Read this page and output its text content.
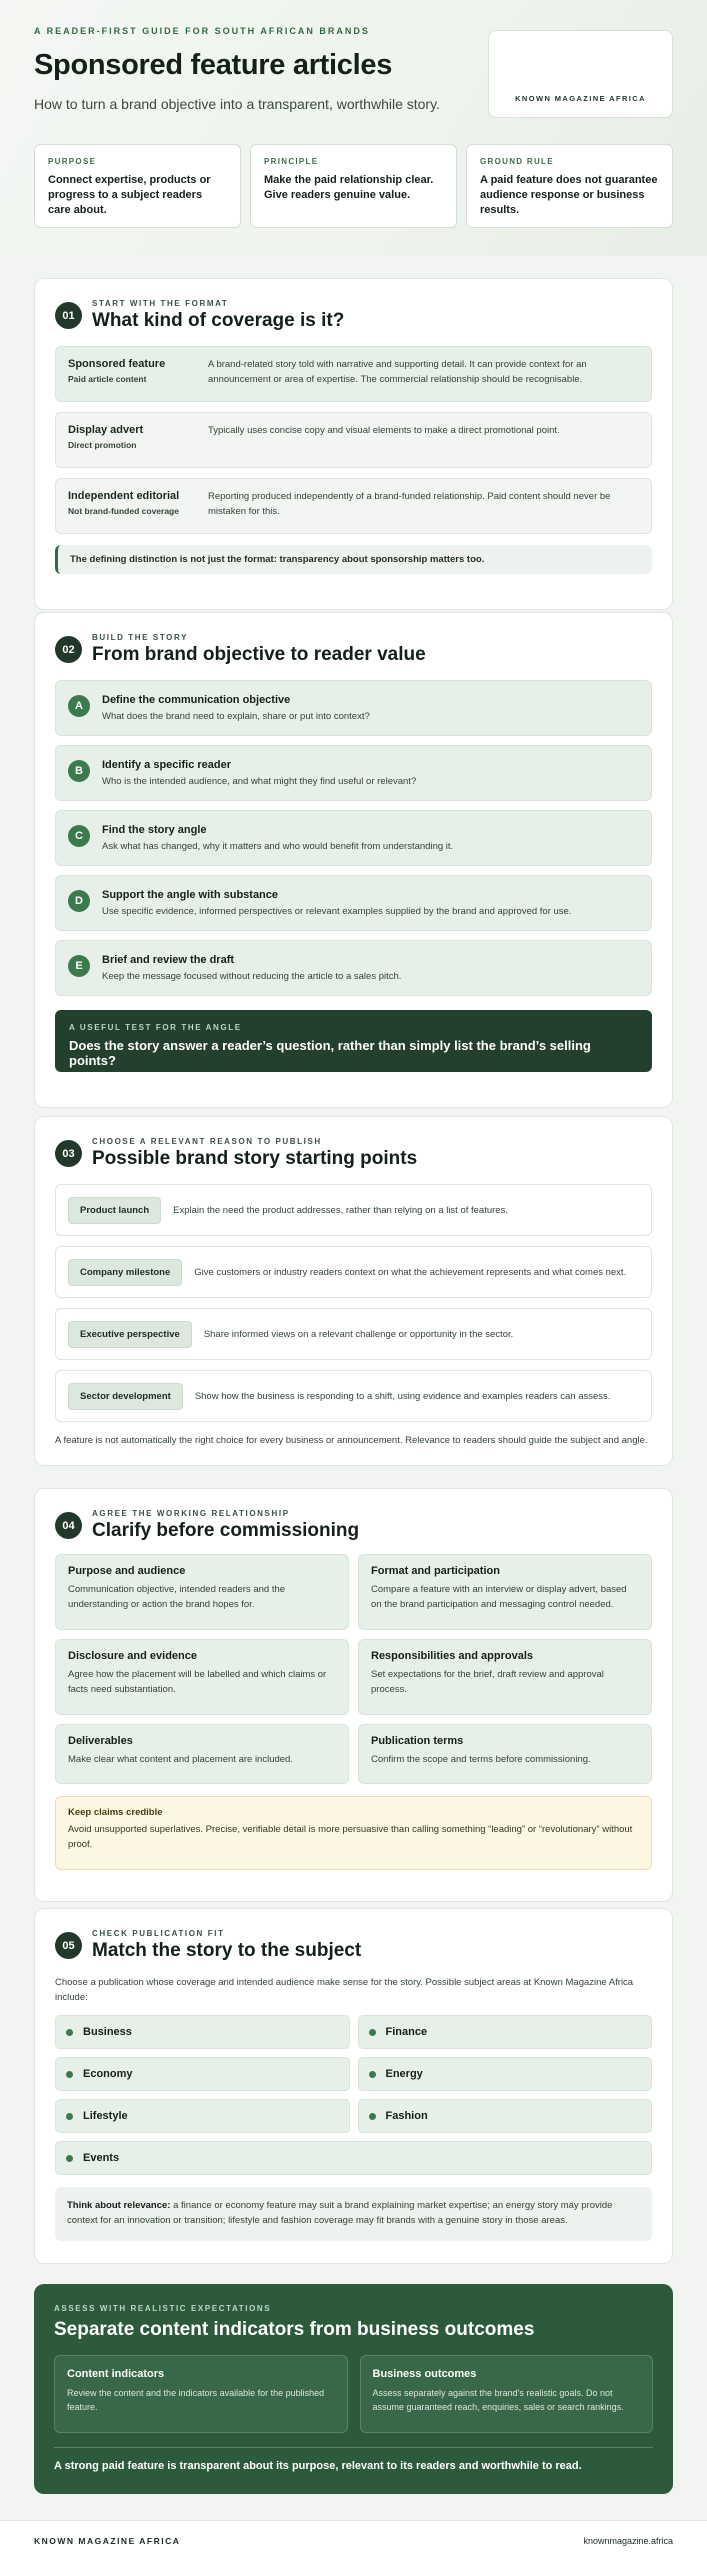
A READER-FIRST GUIDE FOR SOUTH AFRICAN BRANDS
Sponsored feature articles
How to turn a brand objective into a transparent, worthwhile story.	KNOWN MAGAZINE AFRICA
PURPOSE
Connect expertise, products or progress to a subject readers care about.
PRINCIPLE
Make the paid relationship clear. Give readers genuine value.
GROUND RULE
A paid feature does not guarantee audience response or business results.
01
START WITH THE FORMAT
What kind of coverage is it?
Sponsored feature
Paid article content
A brand-related story told with narrative and supporting detail. It can provide context for an announcement or area of expertise. The commercial relationship should be recognisable.
Display advert
Direct promotion
Typically uses concise copy and visual elements to make a direct promotional point.
Independent editorial
Not brand-funded coverage
Reporting produced independently of a brand-funded relationship. Paid content should never be mistaken for this.
The defining distinction is not just the format: transparency about sponsorship matters too.
02
BUILD THE STORY
From brand objective to reader value
A	Define the communication objective
What does the brand need to explain, share or put into context?
B	Identify a specific reader
Who is the intended audience, and what might they find useful or relevant?
C	Find the story angle
Ask what has changed, why it matters and who would benefit from understanding it.
D	Support the angle with substance
Use specific evidence, informed perspectives or relevant examples supplied by the brand and approved for use.
E	Brief and review the draft
Keep the message focused without reducing the article to a sales pitch.
A USEFUL TEST FOR THE ANGLE
Does the story answer a reader’s question, rather than simply list the brand’s selling points?
03
CHOOSE A RELEVANT REASON TO PUBLISH
Possible brand story starting points
Product launch	Explain the need the product addresses, rather than relying on a list of features.
Company milestone	Give customers or industry readers context on what the achievement represents and what comes next.
Executive perspective	Share informed views on a relevant challenge or opportunity in the sector.
Sector development	Show how the business is responding to a shift, using evidence and examples readers can assess.
A feature is not automatically the right choice for every business or announcement. Relevance to readers should guide the subject and angle.
04
AGREE THE WORKING RELATIONSHIP
Clarify before commissioning
Purpose and audience
Communication objective, intended readers and the understanding or action the brand hopes for.
Format and participation
Compare a feature with an interview or display advert, based on the brand participation and messaging control needed.
Disclosure and evidence
Agree how the placement will be labelled and which claims or facts need substantiation.
Responsibilities and approvals
Set expectations for the brief, draft review and approval process.
Deliverables
Make clear what content and placement are included.
Publication terms
Confirm the scope and terms before commissioning.
Keep claims credible
Avoid unsupported superlatives. Precise, verifiable detail is more persuasive than calling something “leading” or “revolutionary” without proof.
05
CHECK PUBLICATION FIT
Match the story to the subject
Choose a publication whose coverage and intended audience make sense for the story. Possible subject areas at Known Magazine Africa include:
Business	Finance
Economy	Energy
Lifestyle	Fashion
Events
Think about relevance: a finance or economy feature may suit a brand explaining market expertise; an energy story may provide context for an innovation or transition; lifestyle and fashion coverage may fit brands with a genuine story in those areas.
ASSESS WITH REALISTIC EXPECTATIONS
Separate content indicators from business outcomes
Content indicators
Review the content and the indicators available for the published feature.
Business outcomes
Assess separately against the brand’s realistic goals. Do not assume guaranteed reach, enquiries, sales or search rankings.
A strong paid feature is transparent about its purpose, relevant to its readers and worthwhile to read.
KNOWN MAGAZINE AFRICA	knownmagazine.africa
